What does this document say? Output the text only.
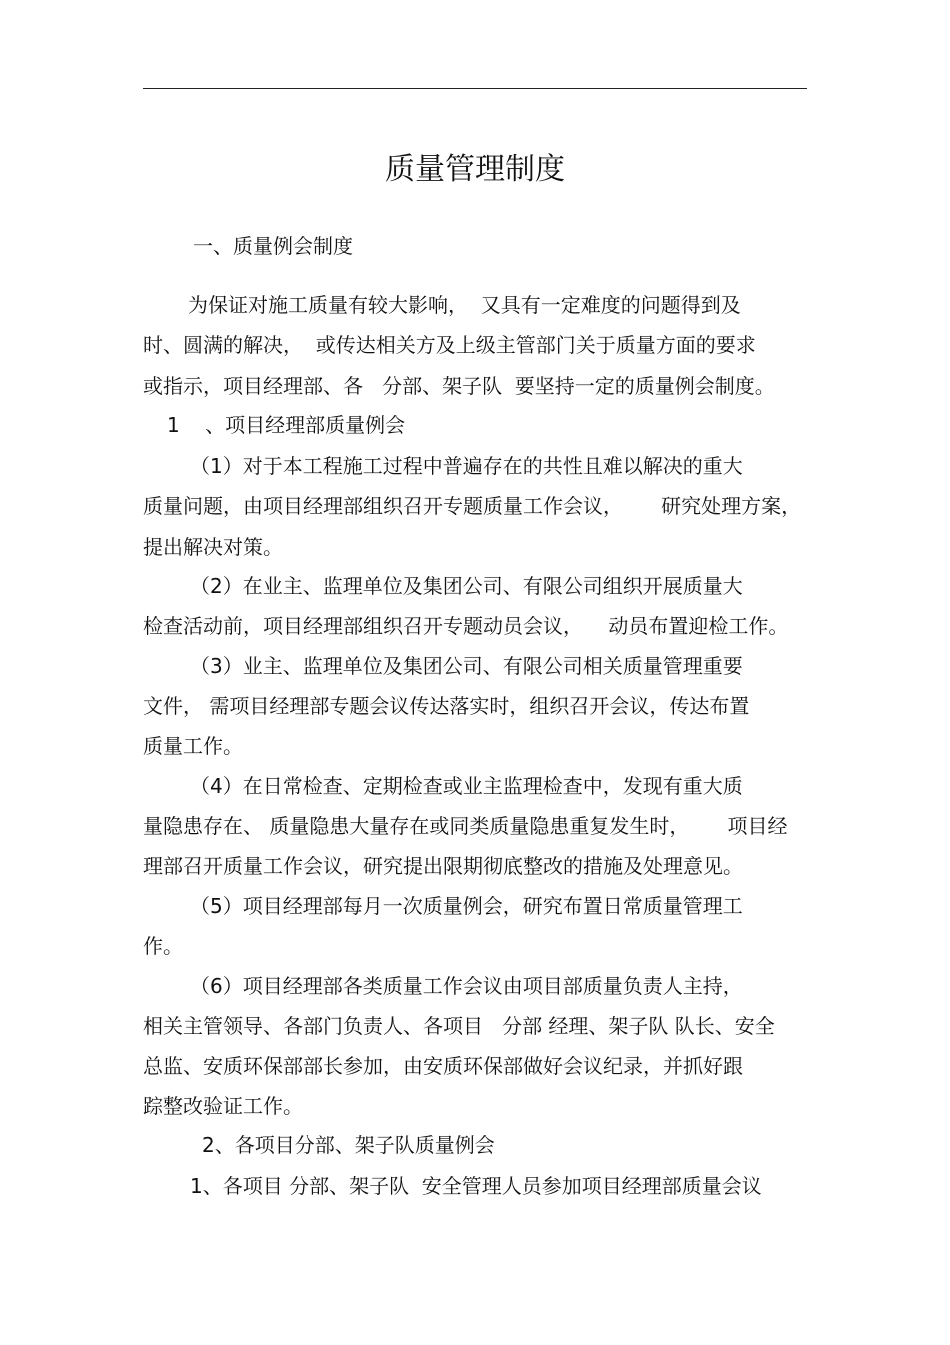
质量管理制度

一、质量例会制度

为保证对施工质量有较大影响，  又具有一定难度的问题得到及

时、圆满的解决，  或传达相关方及上级主管部门关于质量方面的要求

或指示，项目经理部、各   分部、架子队  要坚持一定的质量例会制度。

1    、项目经理部质量例会

（1）对于本工程施工过程中普遍存在的共性且难以解决的重大

质量问题，由项目经理部组织召开专题质量工作会议，      研究处理方案，

提出解决对策。

（2）在业主、监理单位及集团公司、有限公司组织开展质量大

检查活动前，项目经理部组织召开专题动员会议，    动员布置迎检工作。

（3）业主、监理单位及集团公司、有限公司相关质量管理重要

文件， 需项目经理部专题会议传达落实时，组织召开会议，传达布置

质量工作。

（4）在日常检查、定期检查或业主监理检查中，发现有重大质

量隐患存在、 质量隐患大量存在或同类质量隐患重复发生时，      项目经

理部召开质量工作会议，研究提出限期彻底整改的措施及处理意见。

（5）项目经理部每月一次质量例会，研究布置日常质量管理工

作。

（6）项目经理部各类质量工作会议由项目部质量负责人主持，

相关主管领导、各部门负责人、各项目   分部 经理、架子队 队长、安全

总监、安质环保部部长参加，由安质环保部做好会议纪录，并抓好跟

踪整改验证工作。

2、各项目分部、架子队质量例会

1、各项目 分部、架子队  安全管理人员参加项目经理部质量会议
